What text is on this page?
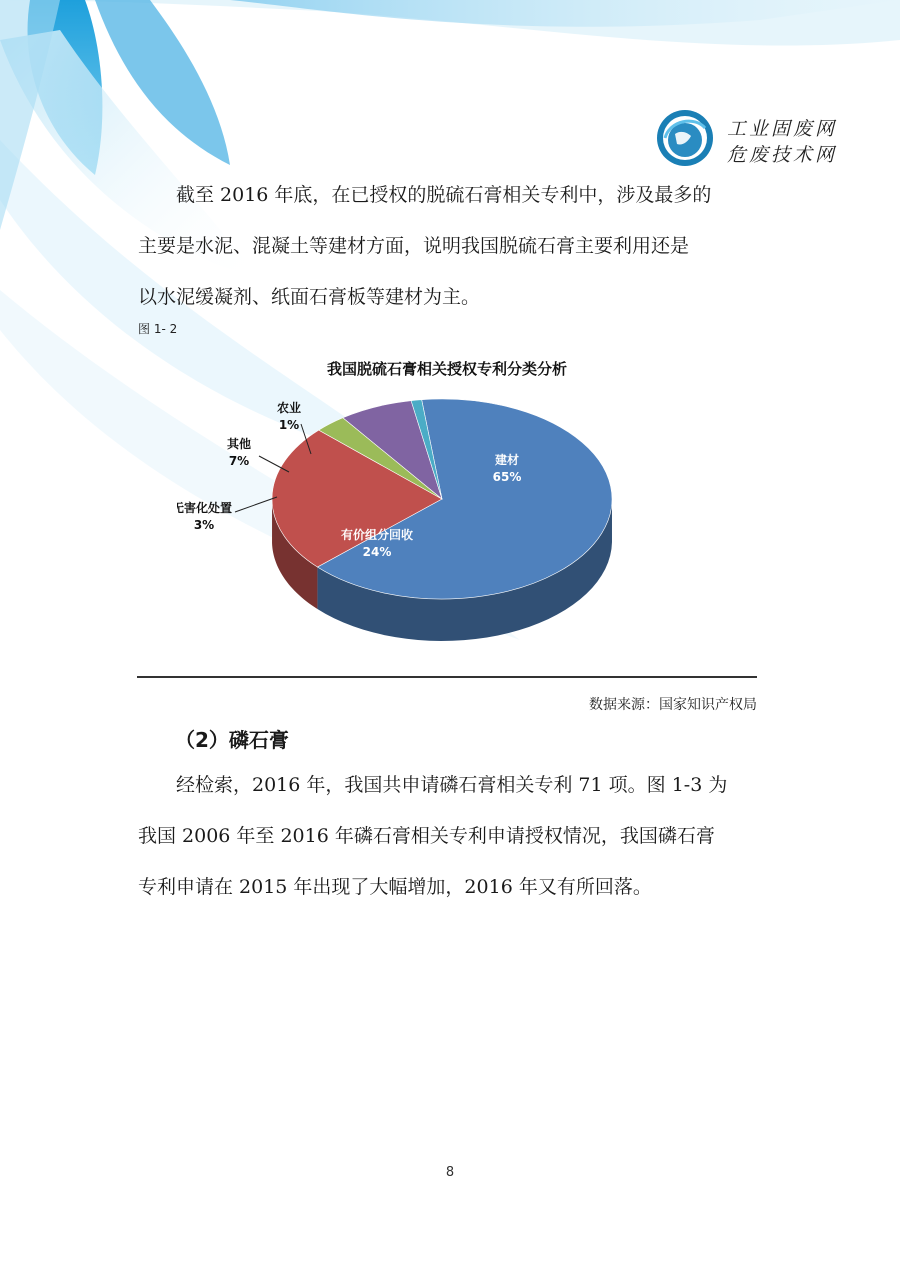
工业固废网
危废技术网
截至 2016 年底，在已授权的脱硫石膏相关专利中，涉及最多的
主要是水泥、混凝土等建材方面，说明我国脱硫石膏主要利用还是
以水泥缓凝剂、纸面石膏板等建材为主。
图 1- 2
我国脱硫石膏相关授权专利分类分析
建材
65%
有价组分回收
24%
无害化处置
3%
其他
7%
农业
1%
数据来源：国家知识产权局
（2）磷石膏
经检索，2016 年，我国共申请磷石膏相关专利 71 项。图 1-3 为
我国 2006 年至 2016 年磷石膏相关专利申请授权情况，我国磷石膏
专利申请在 2015 年出现了大幅增加，2016 年又有所回落。
8
